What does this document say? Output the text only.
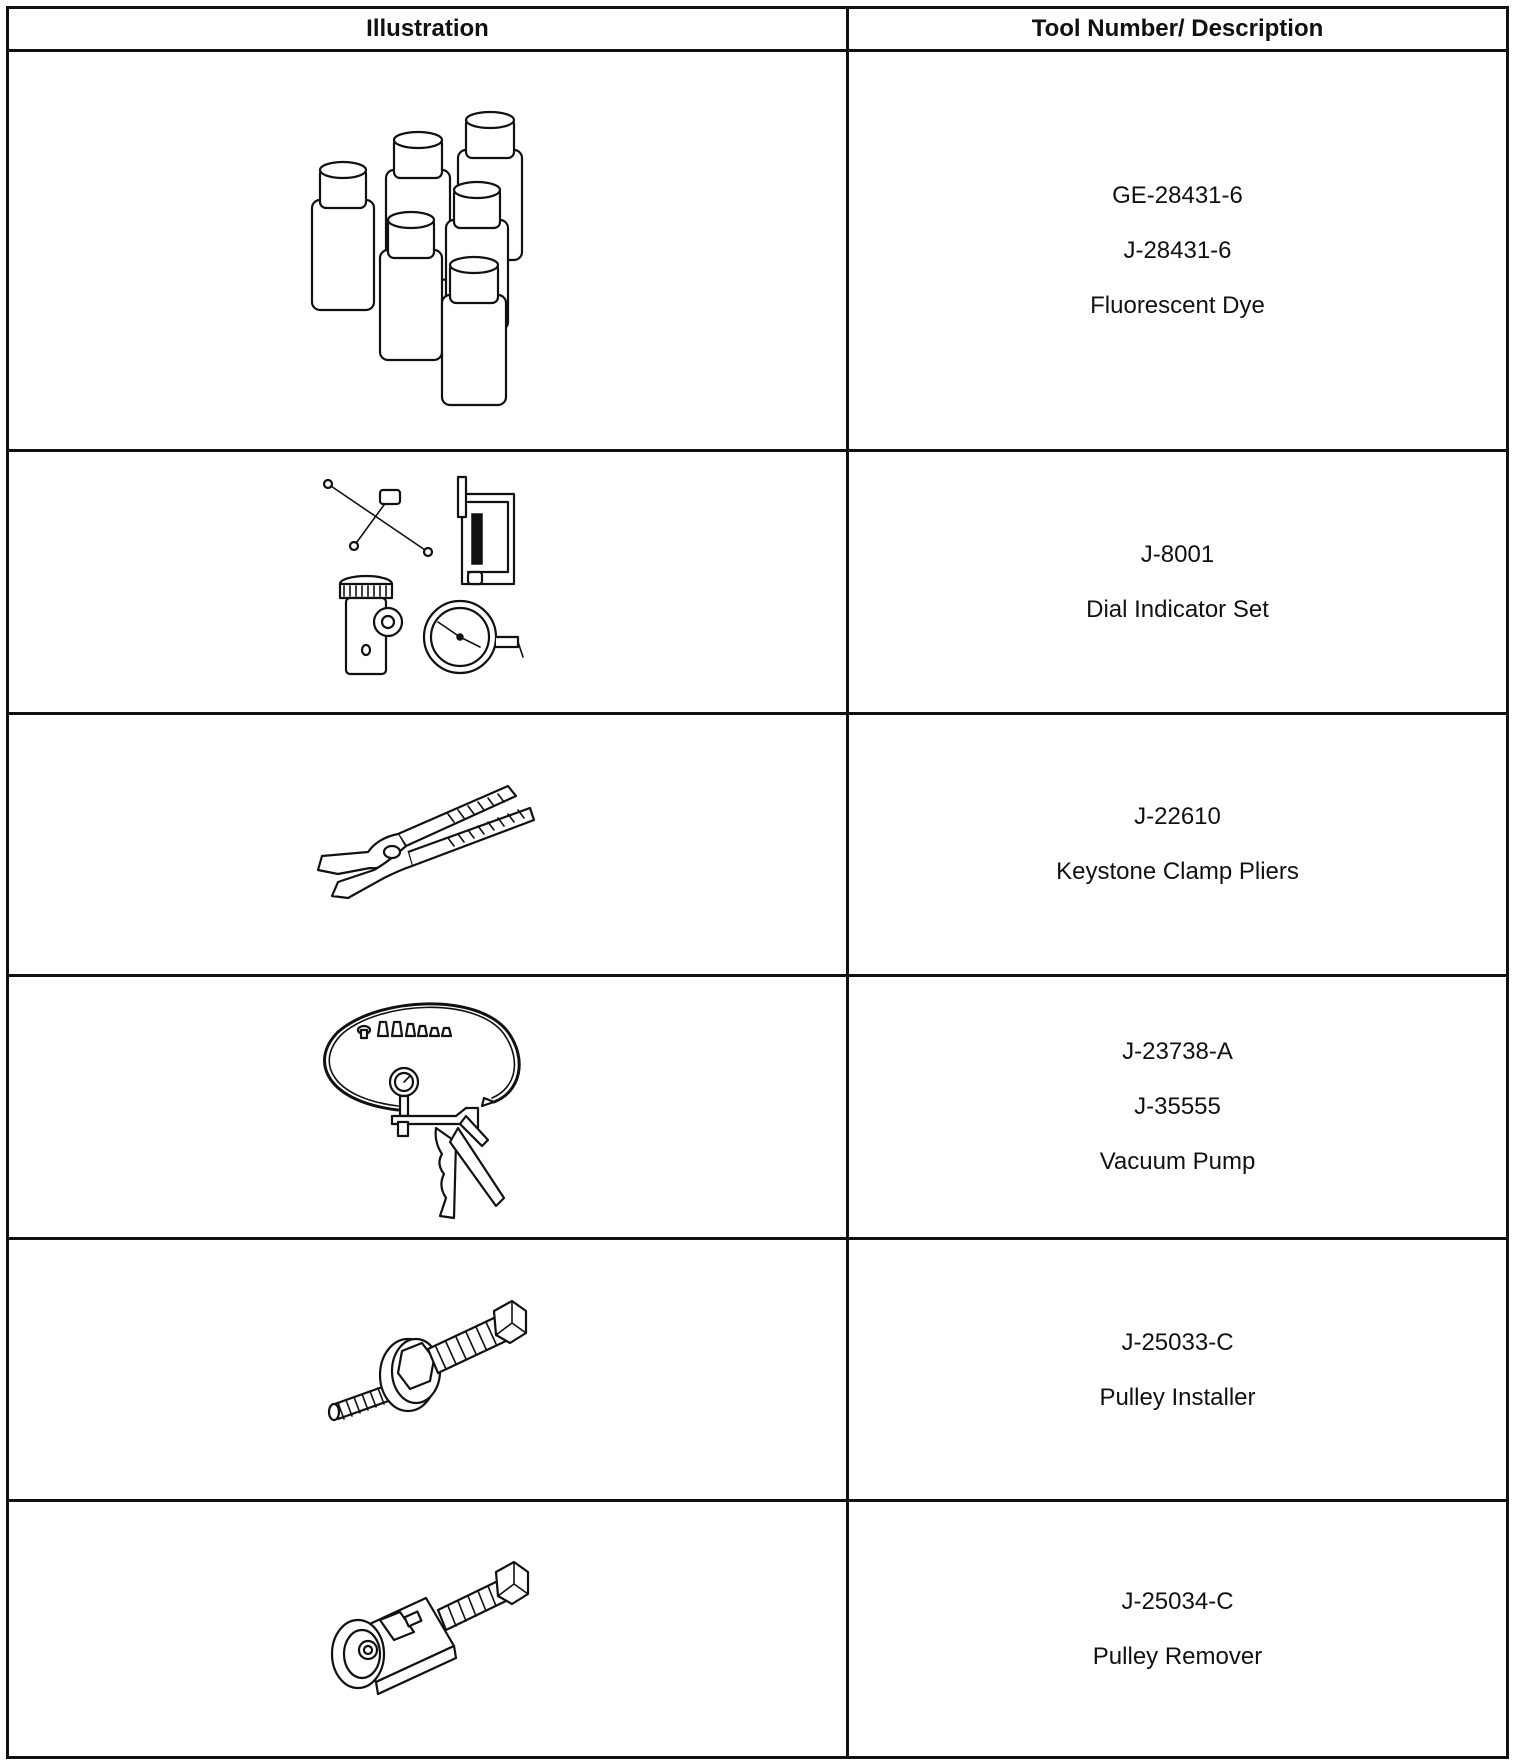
Illustration	Tool Number/ Description

GE-28431-6
J-28431-6
Fluorescent Dye

J-8001
Dial Indicator Set

J-22610
Keystone Clamp Pliers

J-23738-A
J-35555
Vacuum Pump

J-25033-C
Pulley Installer

J-25034-C
Pulley Remover
